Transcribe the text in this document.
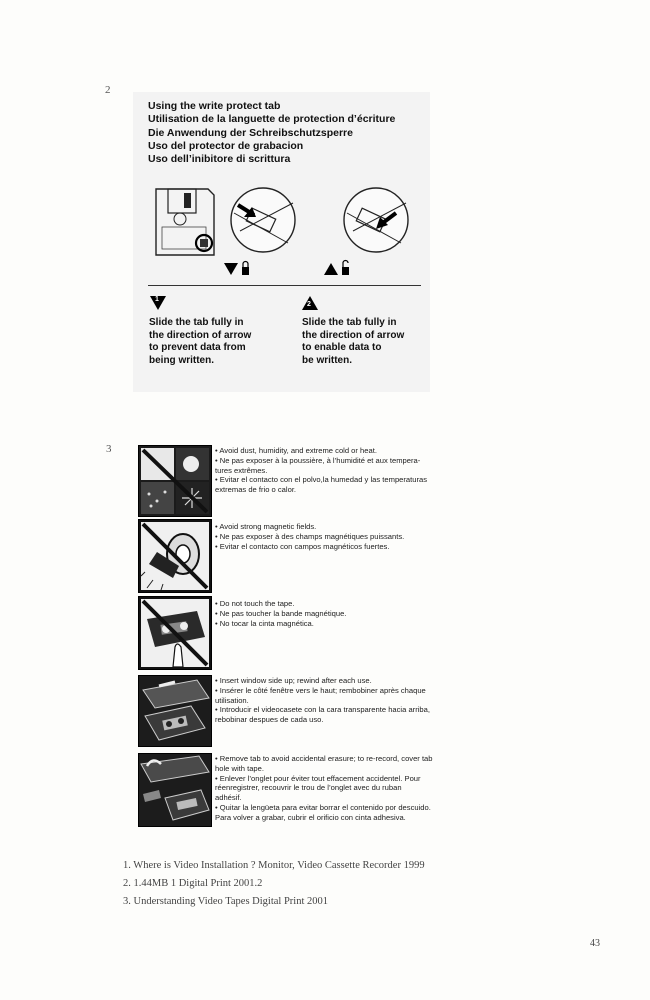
2
Using the write protect tab
Utilisation de la languette de protection d’écriture
Die Anwendung der Schreibschutzsperre
Uso del protector de grabacion
Uso dell’inibitore di scrittura
1
2
Slide the tab fully in
the direction of arrow
to prevent data from
being written.
Slide the tab fully in
the direction of arrow
to enable data to
be written.
3	• Avoid dust, humidity, and extreme cold or heat.
• Ne pas exposer à la poussière, à l’humidité et aux tempera-
tures extrêmes.
• Evitar el contacto con el polvo,la humedad y las temperaturas
extremas de frio o calor.
• Avoid strong magnetic fields.
• Ne pas exposer à des champs magnétiques puissants.
• Evitar el contacto con campos magnéticos fuertes.
• Do not touch the tape.
• Ne pas toucher la bande magnétique.
• No tocar la cinta magnética.
• Insert window side up; rewind after each use.
• Insérer le côté fenêtre vers le haut; rembobiner après chaque
utilisation.
• Introducir el videocasete con la cara transparente hacia arriba,
rebobinar despues de cada uso.
• Remove tab to avoid accidental erasure; to re-record, cover tab
hole with tape.
• Enlever l’onglet pour éviter tout effacement accidentel. Pour
réenregistrer, recouvrir le trou de l’onglet avec du ruban
adhésif.
• Quitar la lengüeta para evitar borrar el contenido por descuido.
Para volver a grabar, cubrir el orificio con cinta adhesiva.
1. Where is Video Installation ? Monitor, Video Cassette Recorder 1999
2. 1.44MB 1 Digital Print 2001.2
3. Understanding Video Tapes Digital Print 2001
43
